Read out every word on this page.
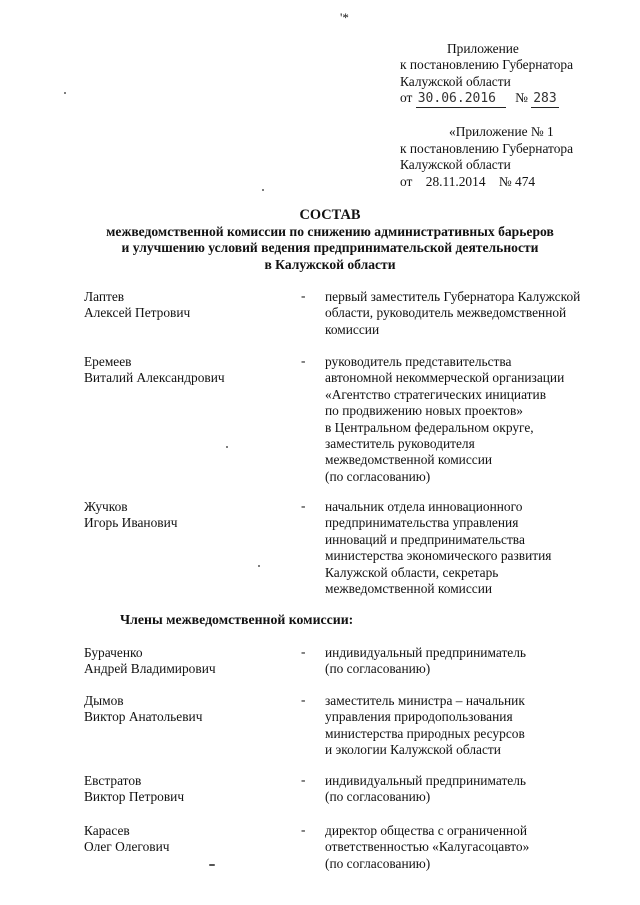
'*
Приложение
к постановлению Губернатора
Калужской области
от 30.06.2016 № 283
«Приложение № 1
к постановлению Губернатора
Калужской области
от    28.11.2014    № 474
СОСТАВ
межведомственной комиссии по снижению административных барьеров
и улучшению условий ведения предпринимательской деятельности
в Калужской области
Лаптев
Алексей Петрович
- первый заместитель Губернатора Калужской
области, руководитель межведомственной
комиссии
Еремеев
Виталий Александрович
- руководитель представительства
автономной некоммерческой организации
«Агентство стратегических инициатив
по продвижению новых проектов»
в Центральном федеральном округе,
заместитель руководителя
межведомственной комиссии
(по согласованию)
Жучков
Игорь Иванович
- начальник отдела инновационного
предпринимательства управления
инноваций и предпринимательства
министерства экономического развития
Калужской области, секретарь
межведомственной комиссии
Члены межведомственной комиссии:
Бураченко
Андрей Владимирович
- индивидуальный предприниматель
(по согласованию)
Дымов
Виктор Анатольевич
- заместитель министра – начальник
управления природопользования
министерства природных ресурсов
и экологии Калужской области
Евстратов
Виктор Петрович
- индивидуальный предприниматель
(по согласованию)
Карасев
Олег Олегович
- директор общества с ограниченной
ответственностью «Калугасоцавто»
(по согласованию)
